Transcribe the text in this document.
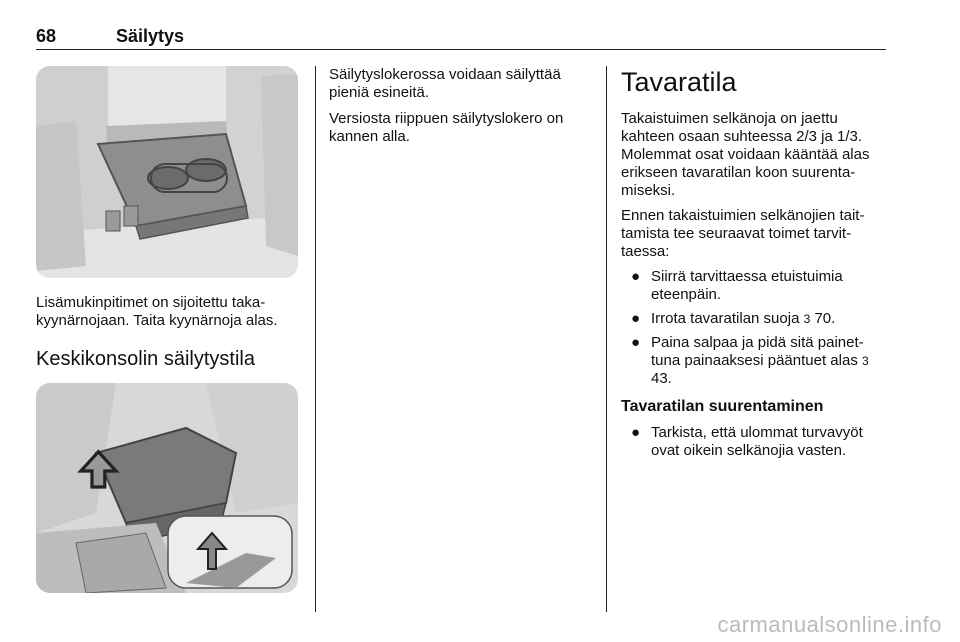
68	Säilytys
Lisämukinpitimet on sijoitettu taka-
kyynärnojaan. Taita kyynärnoja alas.
Keskikonsolin säilytystila

Säilytyslokerossa voidaan säilyttää pieniä esineitä.

Versiosta riippuen säilytyslokero on kannen alla.

Tavaratila

Takaistuimen selkänoja on jaettu kahteen osaan suhteessa 2/3 ja 1/3. Molemmat osat voidaan kääntää alas erikseen tavaratilan koon suurenta-miseksi.

Ennen takaistuimien selkänojien tait-tamista tee seuraavat toimet tarvit-taessa:

● Siirrä tarvittaessa etuistuimia eteenpäin.
● Irrota tavaratilan suoja 3 70.
● Paina salpaa ja pidä sitä painet-tuna painaaksesi pääntuet alas 3 43.
Tavaratilan suurentaminen
● Tarkista, että ulommat turvavyöt ovat oikein selkänojia vasten.
carmanualsonline.info
